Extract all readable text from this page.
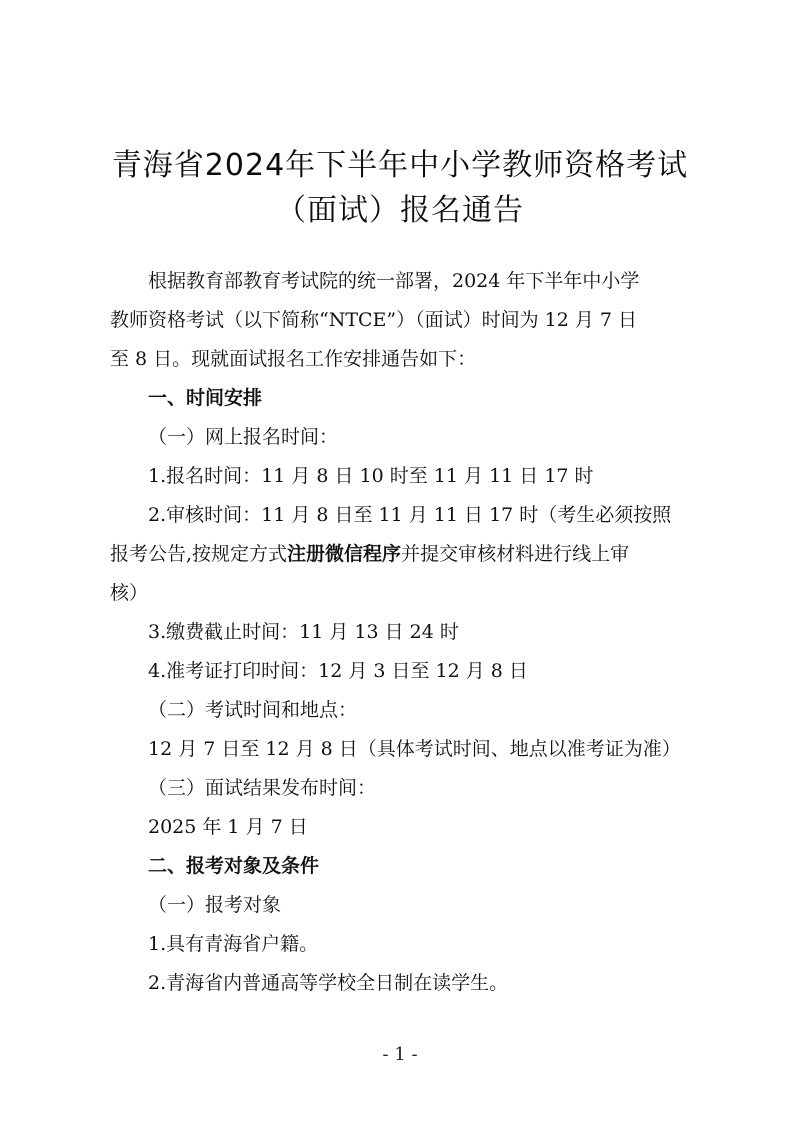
青海省2024年下半年中小学教师资格考试
（面试）报名通告
根据教育部教育考试院的统一部署，2024 年下半年中小学
教师资格考试（以下简称“NTCE”）（面试）时间为 12 月 7 日
至 8 日。现就面试报名工作安排通告如下：
一、时间安排
（一）网上报名时间：
1.报名时间：11 月 8 日 10 时至 11 月 11 日 17 时
2.审核时间：11 月 8 日至 11 月 11 日 17 时（考生必须按照
报考公告,按规定方式注册微信程序并提交审核材料进行线上审
核）
3.缴费截止时间：11 月 13 日 24 时
4.准考证打印时间：12 月 3 日至 12 月 8 日
（二）考试时间和地点：
12 月 7 日至 12 月 8 日（具体考试时间、地点以准考证为准）
（三）面试结果发布时间：
2025 年 1 月 7 日
二、报考对象及条件
（一）报考对象
1.具有青海省户籍。
2.青海省内普通高等学校全日制在读学生。
- 1 -
